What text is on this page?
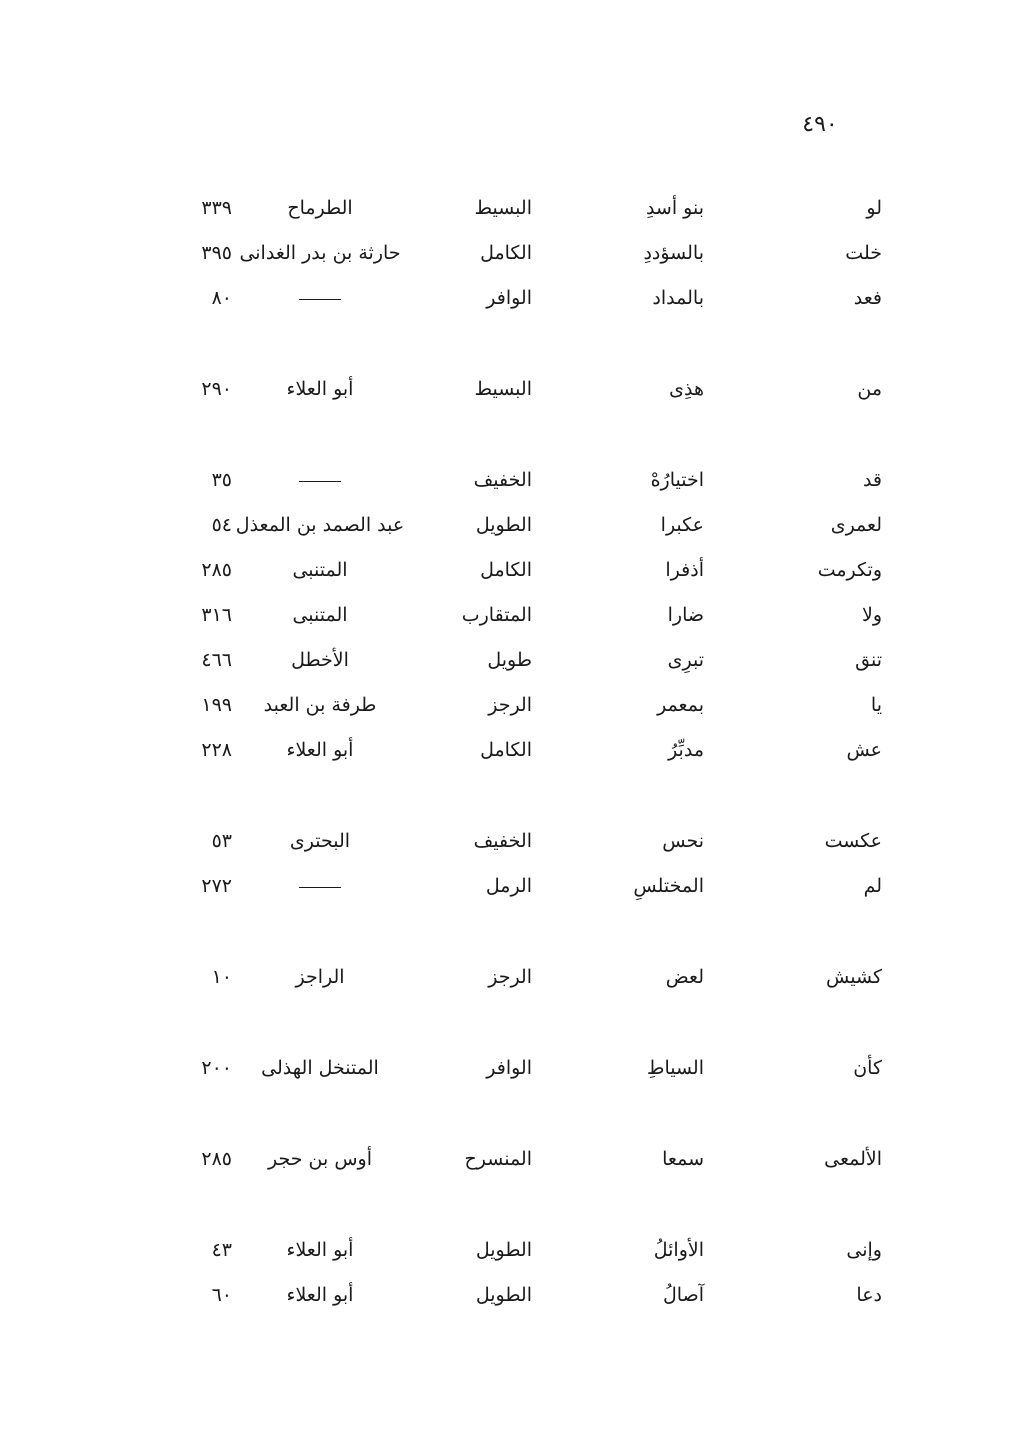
٤٩٠
لو
بنو أسدِ
البسيط
الطرماح
٣٣٩
خلت
بالسؤددِ
الكامل
حارثة بن بدر الغدانى
٣٩٥
فعد
بالمداد
الوافر
٨٠
من
هذِى
البسيط
أبو العلاء
٢٩٠
قد
اختيارُهْ
الخفيف
٣٥
لعمرى
عكبرا
الطويل
عبد الصمد بن المعذل
٥٤
وتكرمت
أذفرا
الكامل
المتنبى
٢٨٥
ولا
ضارا
المتقارب
المتنبى
٣١٦
تنق
تبرِى
طويل
الأخطل
٤٦٦
يا
بمعمر
الرجز
طرفة بن العبد
١٩٩
عش
مدبِّرُ
الكامل
أبو العلاء
٢٢٨
عكست
نحس
الخفيف
البحترى
٥٣
لم
المختلسِ
الرمل
٢٧٢
كشيش
لعض
الرجز
الراجز
١٠
كأن
السياطِ
الوافر
المتنخل الهذلى
٢٠٠
الألمعى
سمعا
المنسرح
أوس بن حجر
٢٨٥
وإنى
الأوائلُ
الطويل
أبو العلاء
٤٣
دعا
آصالُ
الطويل
أبو العلاء
٦٠
